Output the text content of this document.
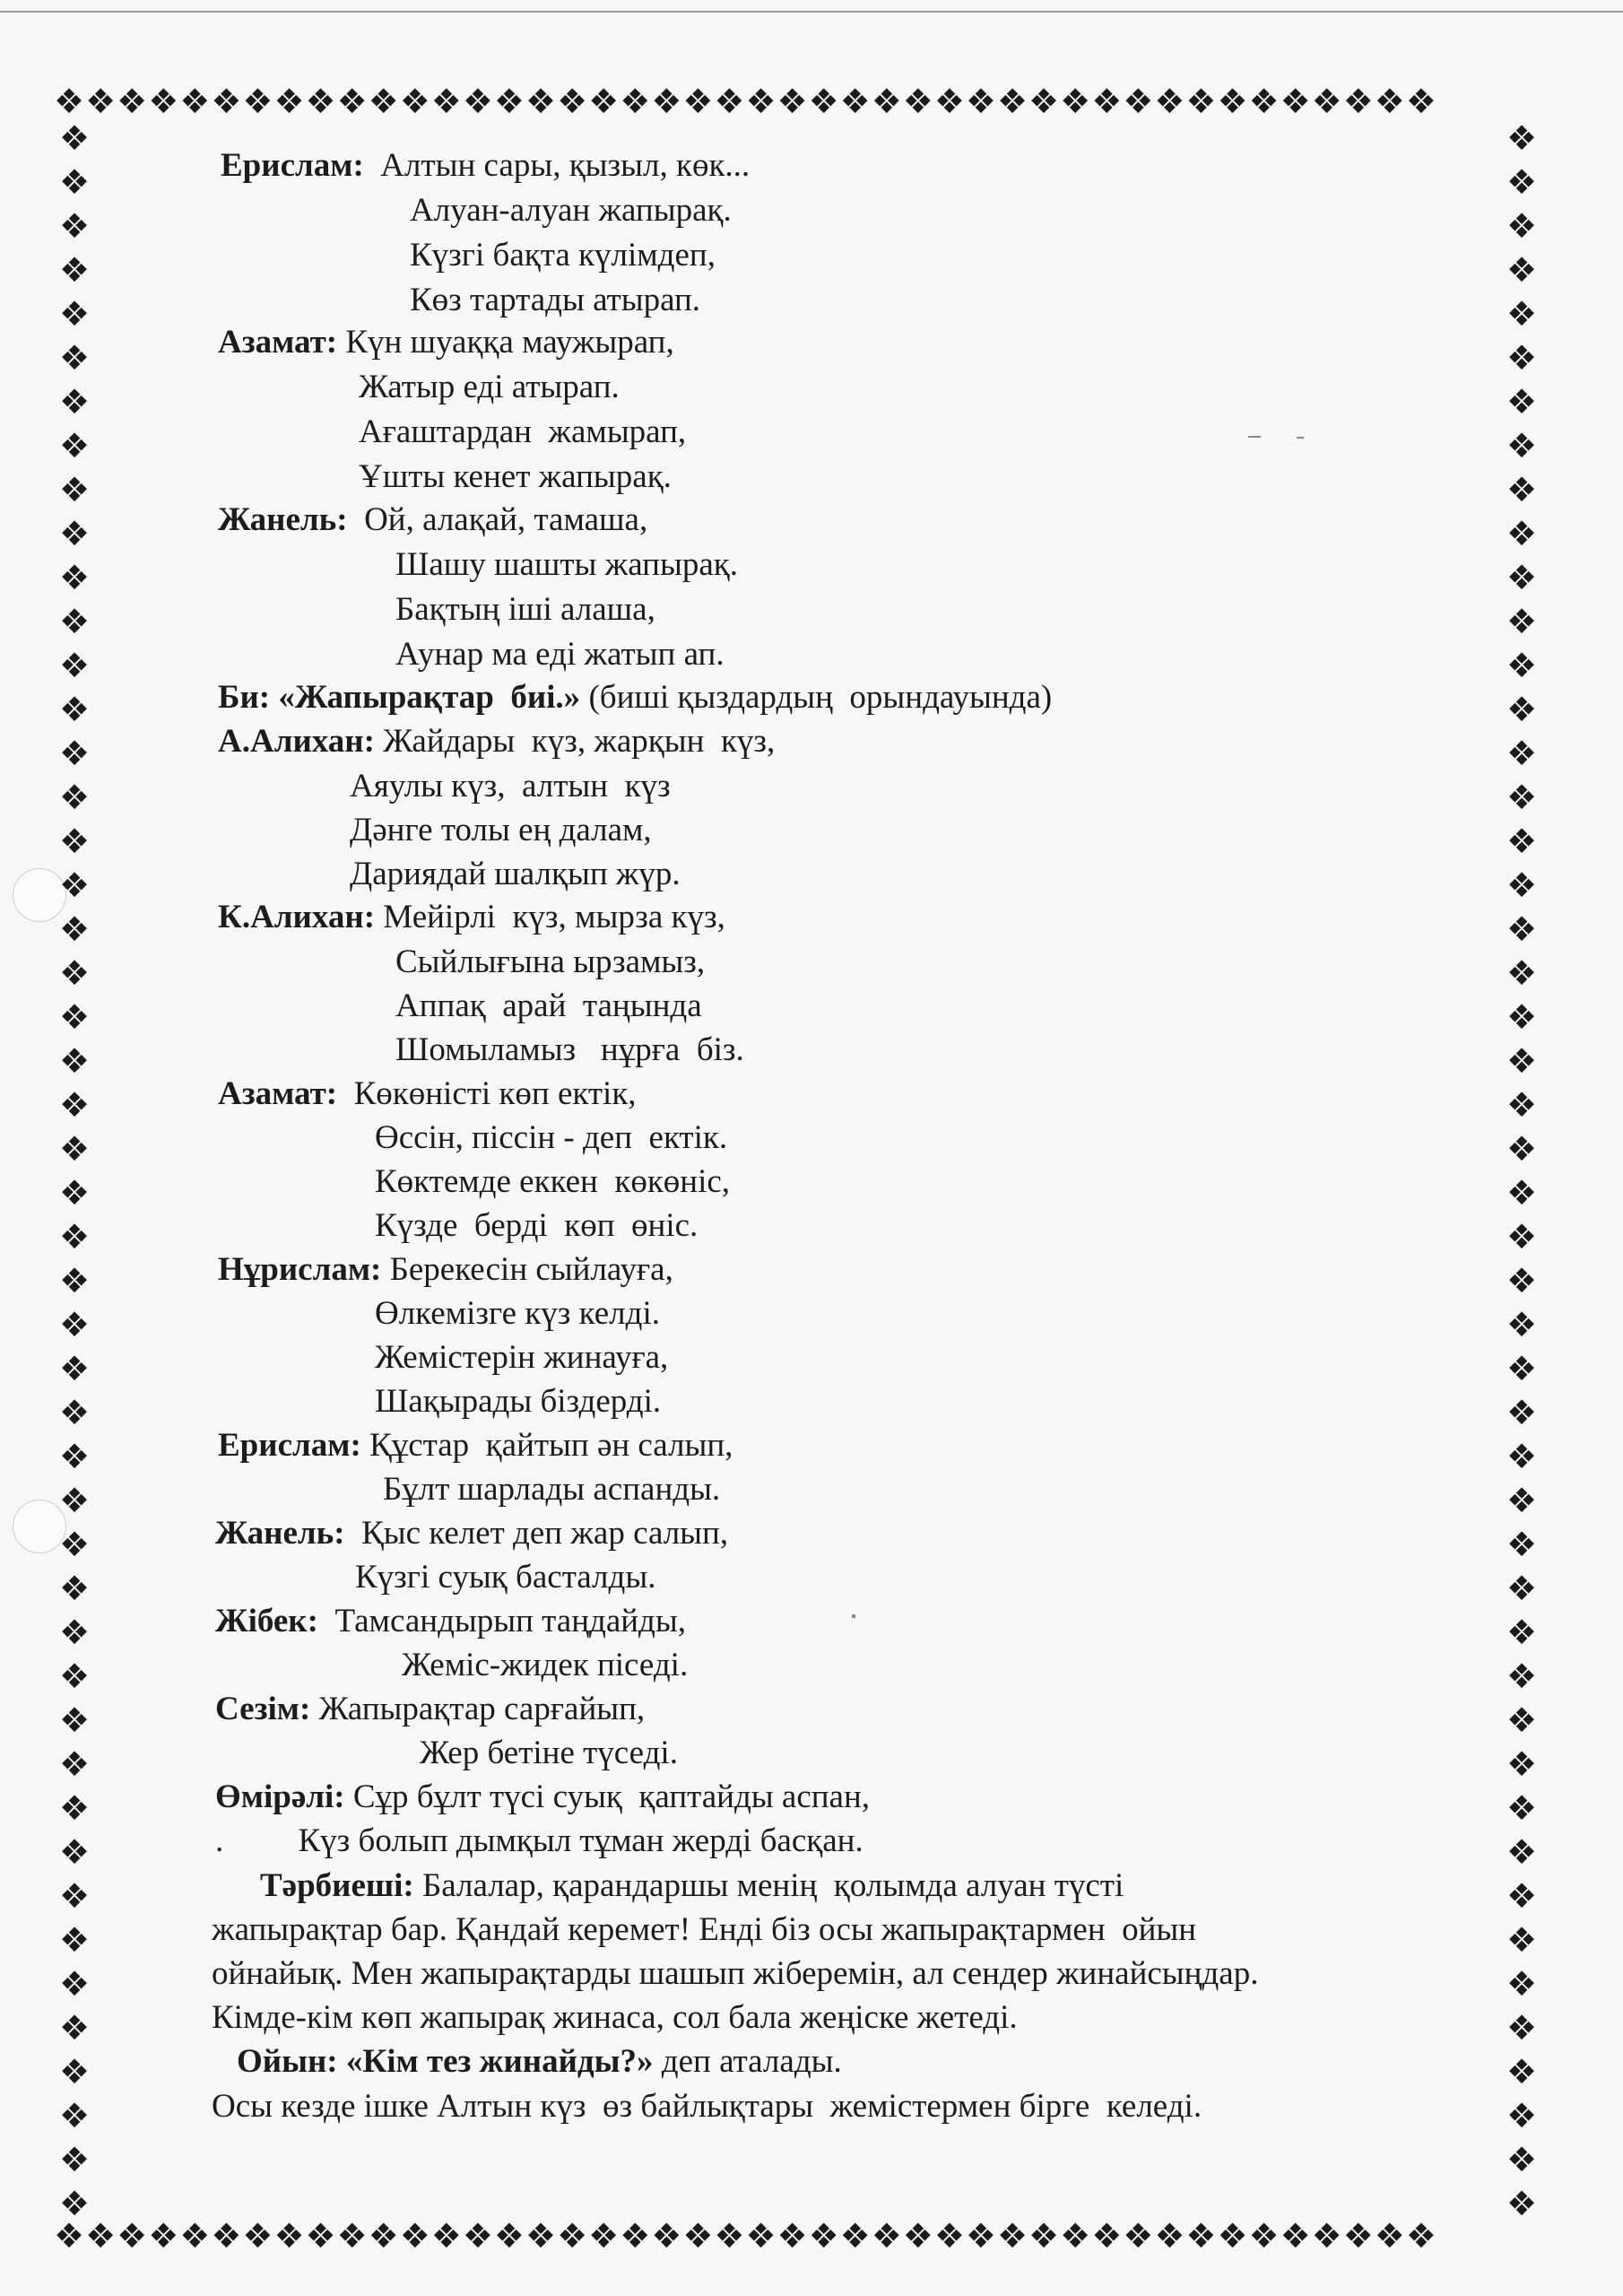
❖❖❖❖❖❖❖❖❖❖❖❖❖❖❖❖❖❖❖❖❖❖❖❖❖❖❖❖❖❖❖❖❖❖❖❖❖❖❖❖❖❖❖❖
❖❖❖❖❖❖❖❖❖❖❖❖❖❖❖❖❖❖❖❖❖❖❖❖❖❖❖❖❖❖❖❖❖❖❖❖❖❖❖❖❖❖❖❖
❖
❖
❖
❖
❖
❖
❖
❖
❖
❖
❖
❖
❖
❖
❖
❖
❖
❖
❖
❖
❖
❖
❖
❖
❖
❖
❖
❖
❖
❖
❖
❖
❖
❖
❖
❖
❖
❖
❖
❖
❖
❖
❖
❖
❖
❖
❖
❖
❖
❖
❖
❖
❖
❖
❖
❖
❖
❖
❖
❖
❖
❖
❖
❖
❖
❖
❖
❖
❖
❖
❖
❖
❖
❖
❖
❖
❖
❖
❖
❖
❖
❖
❖
❖
❖
❖
❖
❖
❖
❖
❖
❖
❖
❖
❖
❖
Ерислам:  Алтын сары, қызыл, көк...
Алуан-алуан жапырақ.
Күзгі бақта күлімдеп,
Көз тартады атырап.
Азамат: Күн шуаққа маужырап,
Жатыр еді атырап.
Ағаштардан  жамырап,
Ұшты кенет жапырақ.
Жанель:  Ой, алақай, тамаша,
Шашу шашты жапырақ.
Бақтың іші алаша,
Аунар ма еді жатып ап.
Би: «Жапырақтар  биі.» (биші қыздардың  орындауында)
А.Алихан: Жайдары  күз, жарқын  күз,
Аяулы күз,  алтын  күз
Дәнге толы ең далам,
Дариядай шалқып жүр.
К.Алихан: Мейірлі  күз, мырза күз,
Сыйлығына ырзамыз,
Аппақ  арай  таңында
Шомыламыз   нұрға  біз.
Азамат:  Көкөністі көп ектік,
Өссін, піссін - деп  ектік.
Көктемде еккен  көкөніс,
Күзде  берді  көп  өніс.
Нұрислам: Берекесін сыйлауға,
Өлкемізге күз келді.
Жемістерін жинауға,
Шақырады біздерді.
Ерислам: Құстар  қайтып ән салып,
Бұлт шарлады аспанды.
Жанель:  Қыс келет деп жар салып,
Күзгі суық басталды.
Жібек:  Тамсандырып таңдайды,
Жеміс-жидек піседі.
Сезім: Жапырақтар сарғайып,
Жер бетіне түседі.
Өмірәлі: Сұр бұлт түсі суық  қаптайды аспан,
.         Күз болып дымқыл тұман жерді басқан.
Тәрбиеші: Балалар, қарандаршы менің  қолымда алуан түсті
жапырақтар бар. Қандай керемет! Енді біз осы жапырақтармен  ойын
ойнайық. Мен жапырақтарды шашып жіберемін, ал сендер жинайсыңдар.
Кімде-кім көп жапырақ жинаса, сол бала жеңіске жетеді.
Ойын: «Кім тез жинайды?» деп аталады.
Осы кезде ішке Алтын күз  өз байлықтары  жемістермен бірге  келеді.
